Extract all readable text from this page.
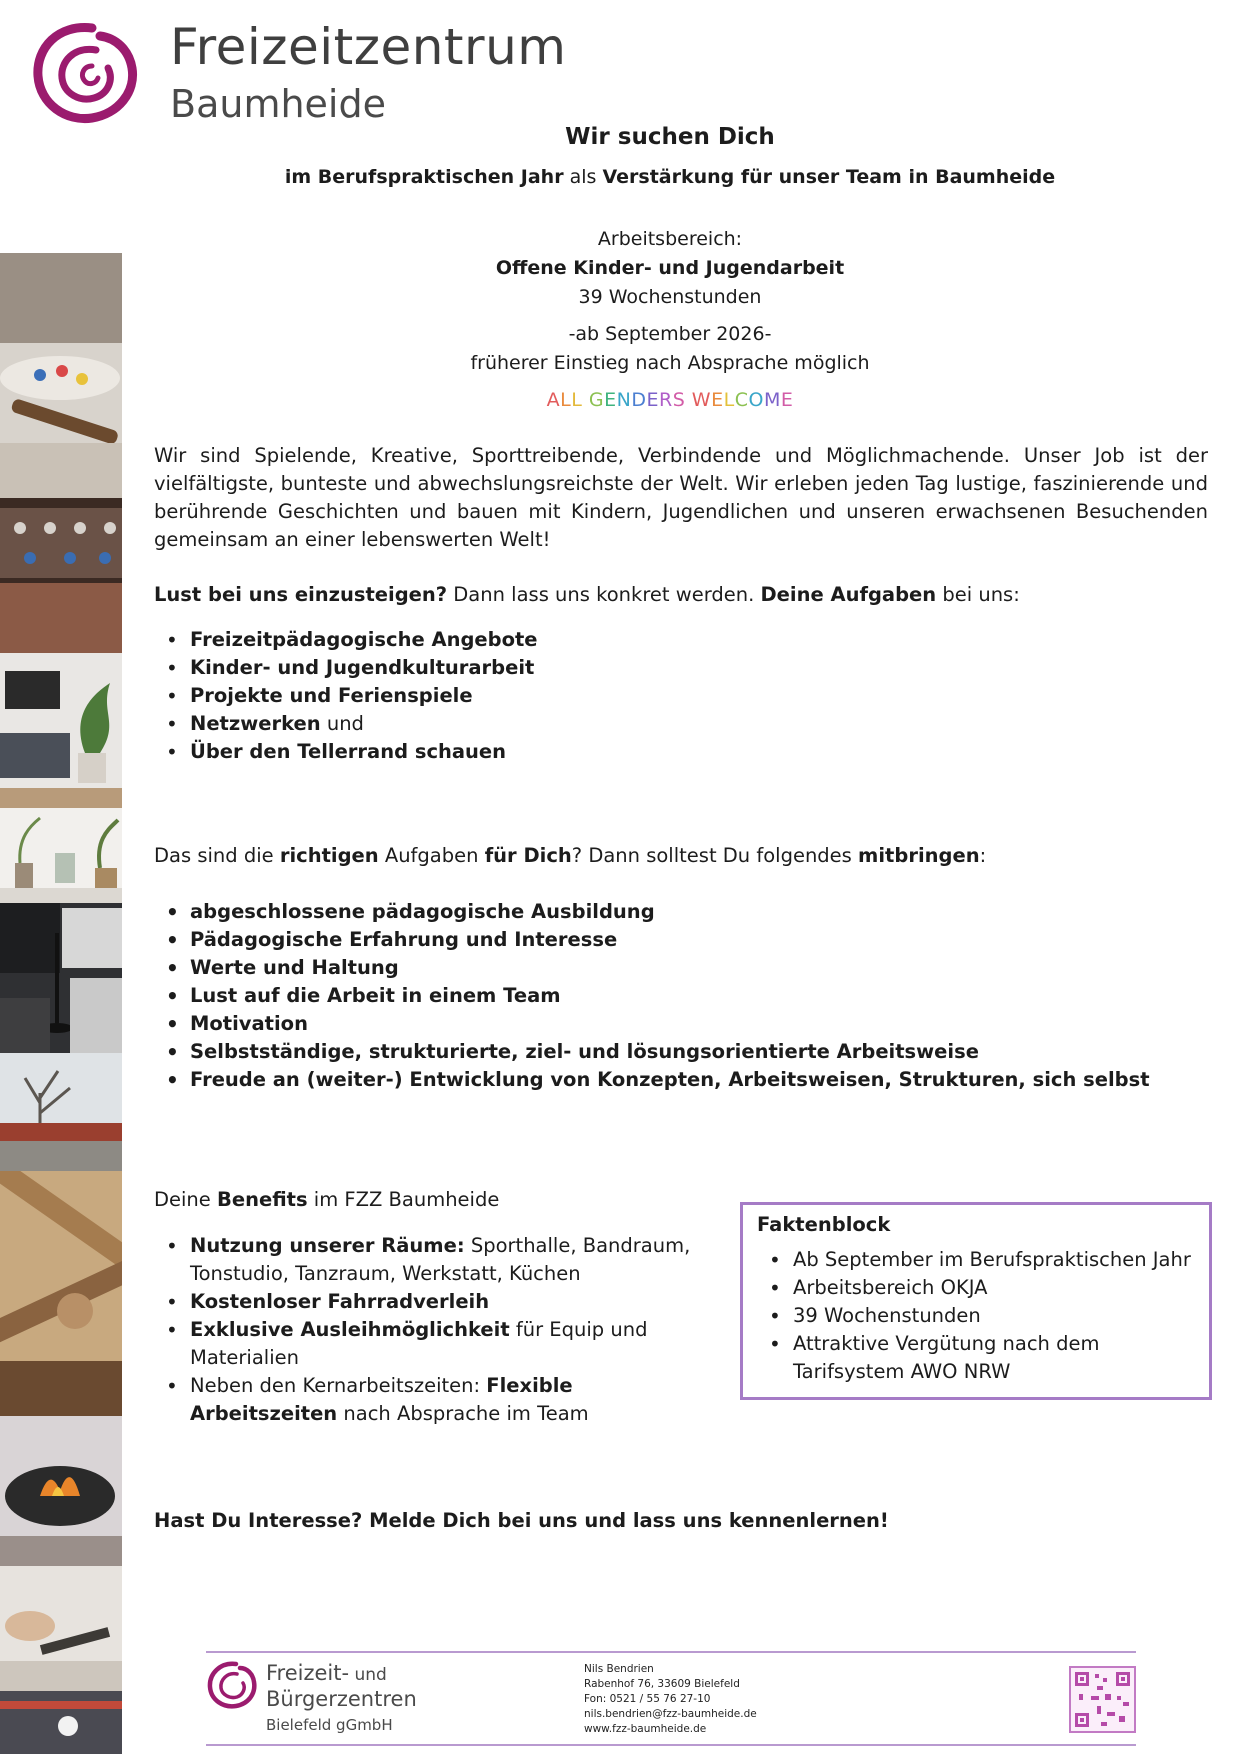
Freizeitzentrum
Baumheide
Wir suchen Dich
im Berufspraktischen Jahr als Verstärkung für unser Team in Baumheide
Arbeitsbereich:
Offene Kinder- und Jugendarbeit
39 Wochenstunden
-ab September 2026-
früherer Einstieg nach Absprache möglich
ALL GENDERS WELCOME
Wir sind Spielende, Kreative, Sporttreibende, Verbindende und Möglichmachende. Unser Job ist der vielfältigste, bunteste und abwechslungsreichste der Welt. Wir erleben jeden Tag lustige, faszinierende und berührende Geschichten und bauen mit Kindern, Jugendlichen und unseren erwachsenen Besuchenden gemeinsam an einer lebenswerten Welt!
Lust bei uns einzusteigen? Dann lass uns konkret werden. Deine Aufgaben bei uns:
• Freizeitpädagogische Angebote
• Kinder- und Jugendkulturarbeit
• Projekte und Ferienspiele
• Netzwerken und
• Über den Tellerrand schauen
Das sind die richtigen Aufgaben für Dich? Dann solltest Du folgendes mitbringen:
• abgeschlossene pädagogische Ausbildung
• Pädagogische Erfahrung und Interesse
• Werte und Haltung
• Lust auf die Arbeit in einem Team
• Motivation
• Selbstständige, strukturierte, ziel- und lösungsorientierte Arbeitsweise
• Freude an (weiter-) Entwicklung von Konzepten, Arbeitsweisen, Strukturen, sich selbst
Deine Benefits im FZZ Baumheide
• Nutzung unserer Räume: Sporthalle, Bandraum, Tonstudio, Tanzraum, Werkstatt, Küchen
• Kostenloser Fahrradverleih
• Exklusive Ausleihmöglichkeit für Equip und Materialien
• Neben den Kernarbeitszeiten: Flexible Arbeitszeiten nach Absprache im Team
Faktenblock
• Ab September im Berufspraktischen Jahr
• Arbeitsbereich OKJA
• 39 Wochenstunden
• Attraktive Vergütung nach dem Tarifsystem AWO NRW
Hast Du Interesse? Melde Dich bei uns und lass uns kennenlernen!
Freizeit- und
Bürgerzentren
Bielefeld gGmbH
Nils Bendrien
Rabenhof 76, 33609 Bielefeld
Fon: 0521 / 55 76 27-10
nils.bendrien@fzz-baumheide.de
www.fzz-baumheide.de
